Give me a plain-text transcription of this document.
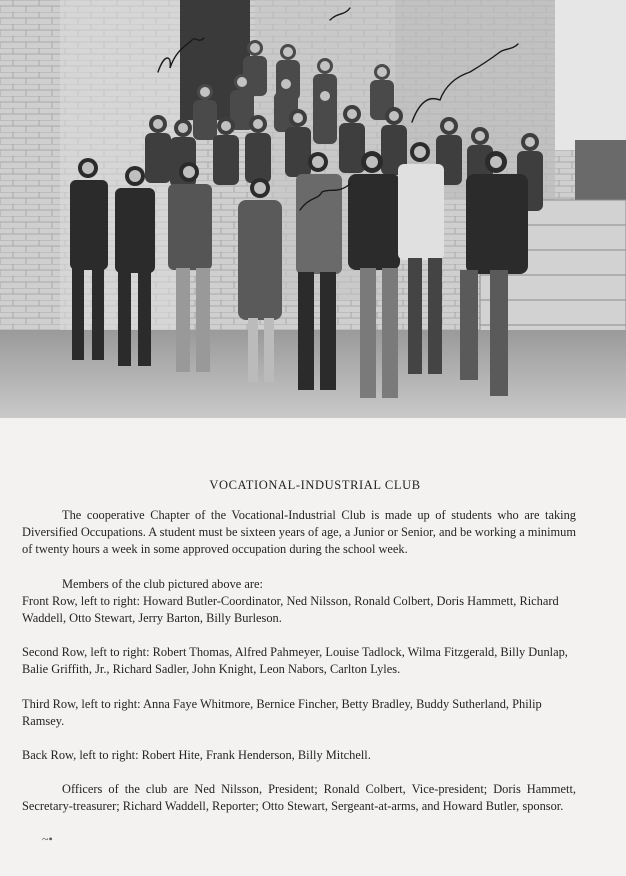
VOCATIONAL-INDUSTRIAL CLUB

The cooperative Chapter of the Vocational-Industrial Club is made up of students who are taking Diversified Occupations. A student must be sixteen years of age, a Junior or Senior, and be working a minimum of twenty hours a week in some approved occupation during the school week.

Members of the club pictured above are:

Front Row, left to right: Howard Butler-Coordinator, Ned Nilsson, Ronald Colbert, Doris Hammett, Richard Waddell, Otto Stewart, Jerry Barton, Billy Burleson.

Second Row, left to right: Robert Thomas, Alfred Pahmeyer, Louise Tadlock, Wilma Fitzgerald, Billy Dunlap, Balie Griffith, Jr., Richard Sadler, John Knight, Leon Nabors, Carlton Lyles.

Third Row, left to right: Anna Faye Whitmore, Bernice Fincher, Betty Bradley, Buddy Sutherland, Philip Ramsey.

Back Row, left to right: Robert Hite, Frank Henderson, Billy Mitchell.

Officers of the club are Ned Nilsson, President; Ronald Colbert, Vice-president; Doris Hammett, Secretary-treasurer; Richard Waddell, Reporter; Otto Stewart, Sergeant-at-arms, and Howard Butler, sponsor.

~•
